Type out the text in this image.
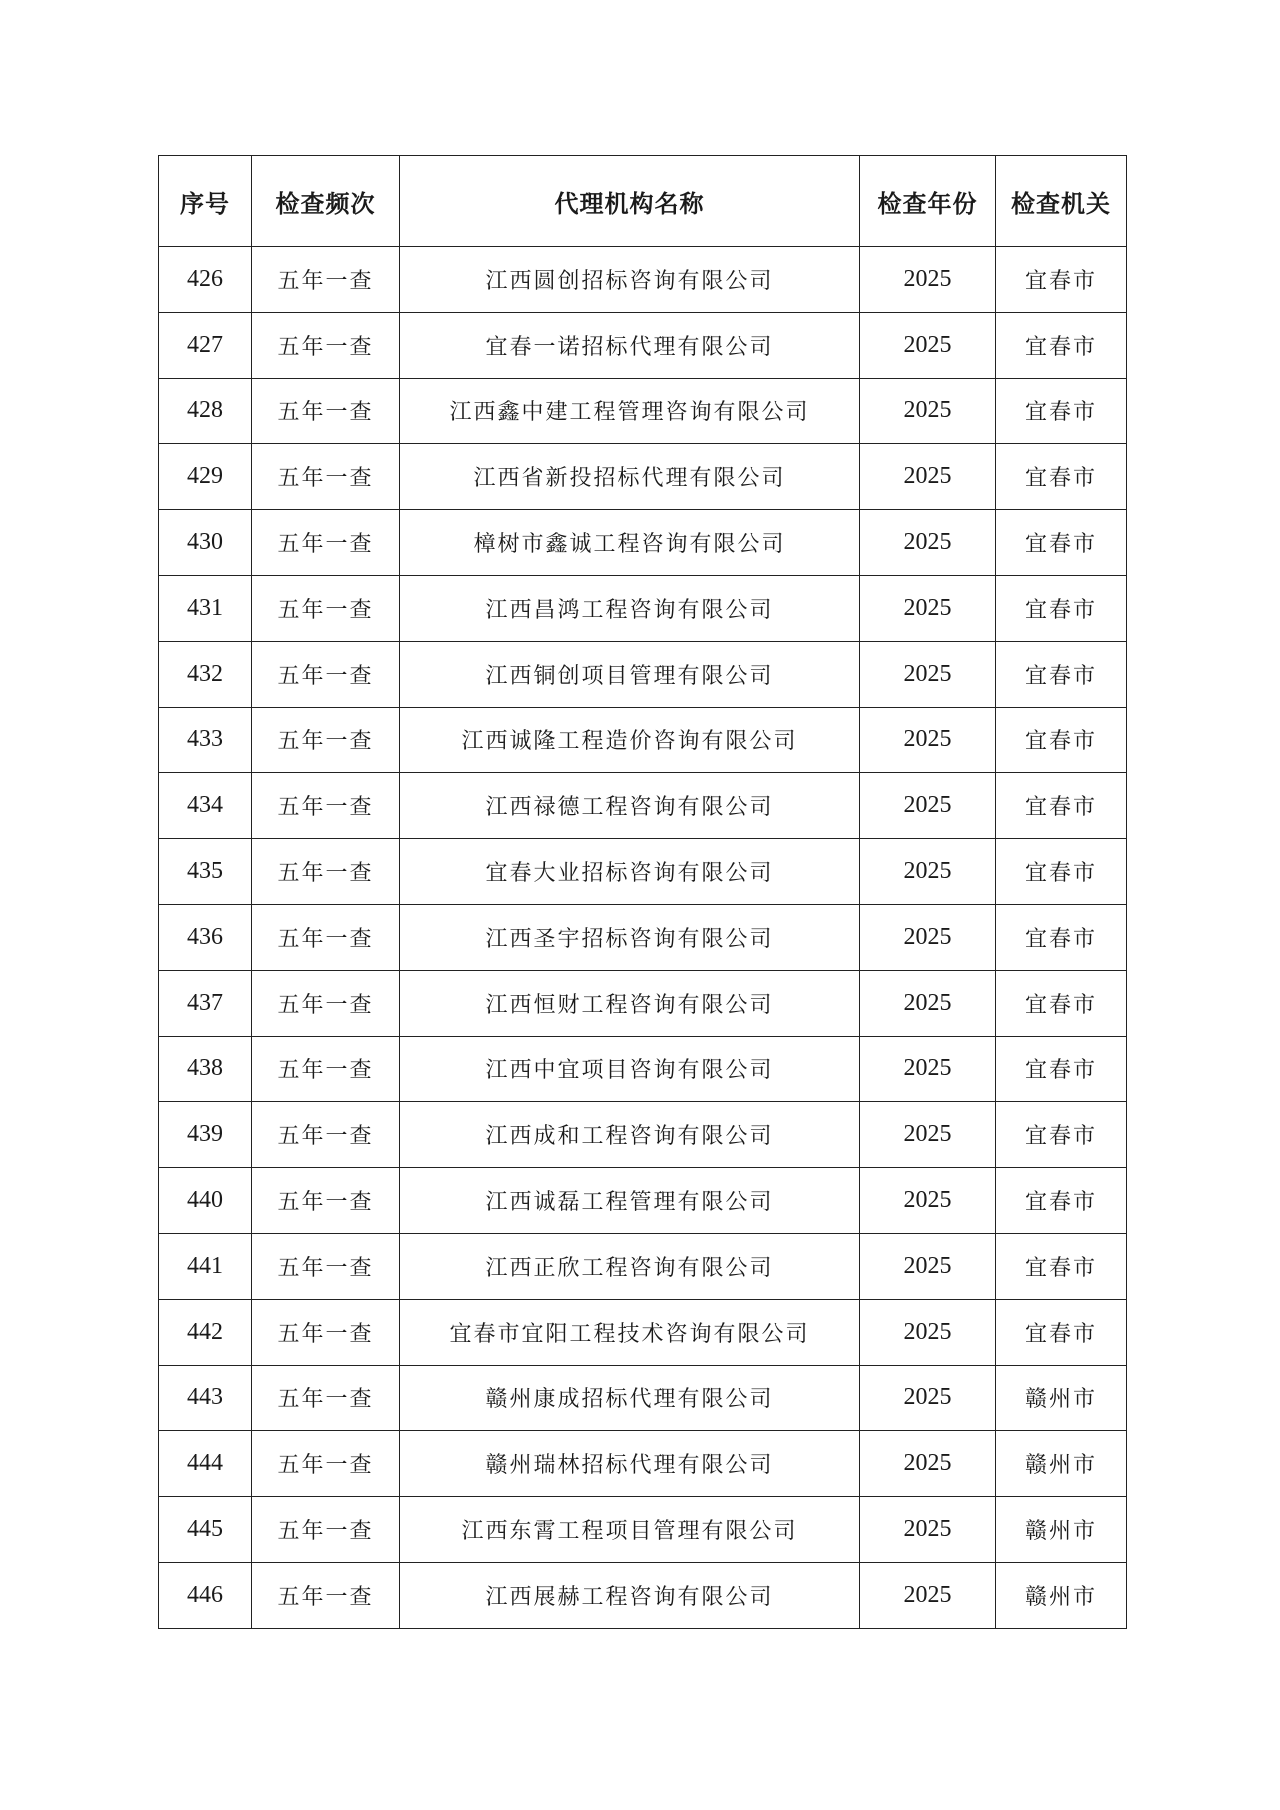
序号	检查频次	代理机构名称	检查年份	检查机关
426	五年一查	江西圆创招标咨询有限公司	2025	宜春市
427	五年一查	宜春一诺招标代理有限公司	2025	宜春市
428	五年一查	江西鑫中建工程管理咨询有限公司	2025	宜春市
429	五年一查	江西省新投招标代理有限公司	2025	宜春市
430	五年一查	樟树市鑫诚工程咨询有限公司	2025	宜春市
431	五年一查	江西昌鸿工程咨询有限公司	2025	宜春市
432	五年一查	江西铜创项目管理有限公司	2025	宜春市
433	五年一查	江西诚隆工程造价咨询有限公司	2025	宜春市
434	五年一查	江西禄德工程咨询有限公司	2025	宜春市
435	五年一查	宜春大业招标咨询有限公司	2025	宜春市
436	五年一查	江西圣宇招标咨询有限公司	2025	宜春市
437	五年一查	江西恒财工程咨询有限公司	2025	宜春市
438	五年一查	江西中宜项目咨询有限公司	2025	宜春市
439	五年一查	江西成和工程咨询有限公司	2025	宜春市
440	五年一查	江西诚磊工程管理有限公司	2025	宜春市
441	五年一查	江西正欣工程咨询有限公司	2025	宜春市
442	五年一查	宜春市宜阳工程技术咨询有限公司	2025	宜春市
443	五年一查	赣州康成招标代理有限公司	2025	赣州市
444	五年一查	赣州瑞林招标代理有限公司	2025	赣州市
445	五年一查	江西东霄工程项目管理有限公司	2025	赣州市
446	五年一查	江西展赫工程咨询有限公司	2025	赣州市
